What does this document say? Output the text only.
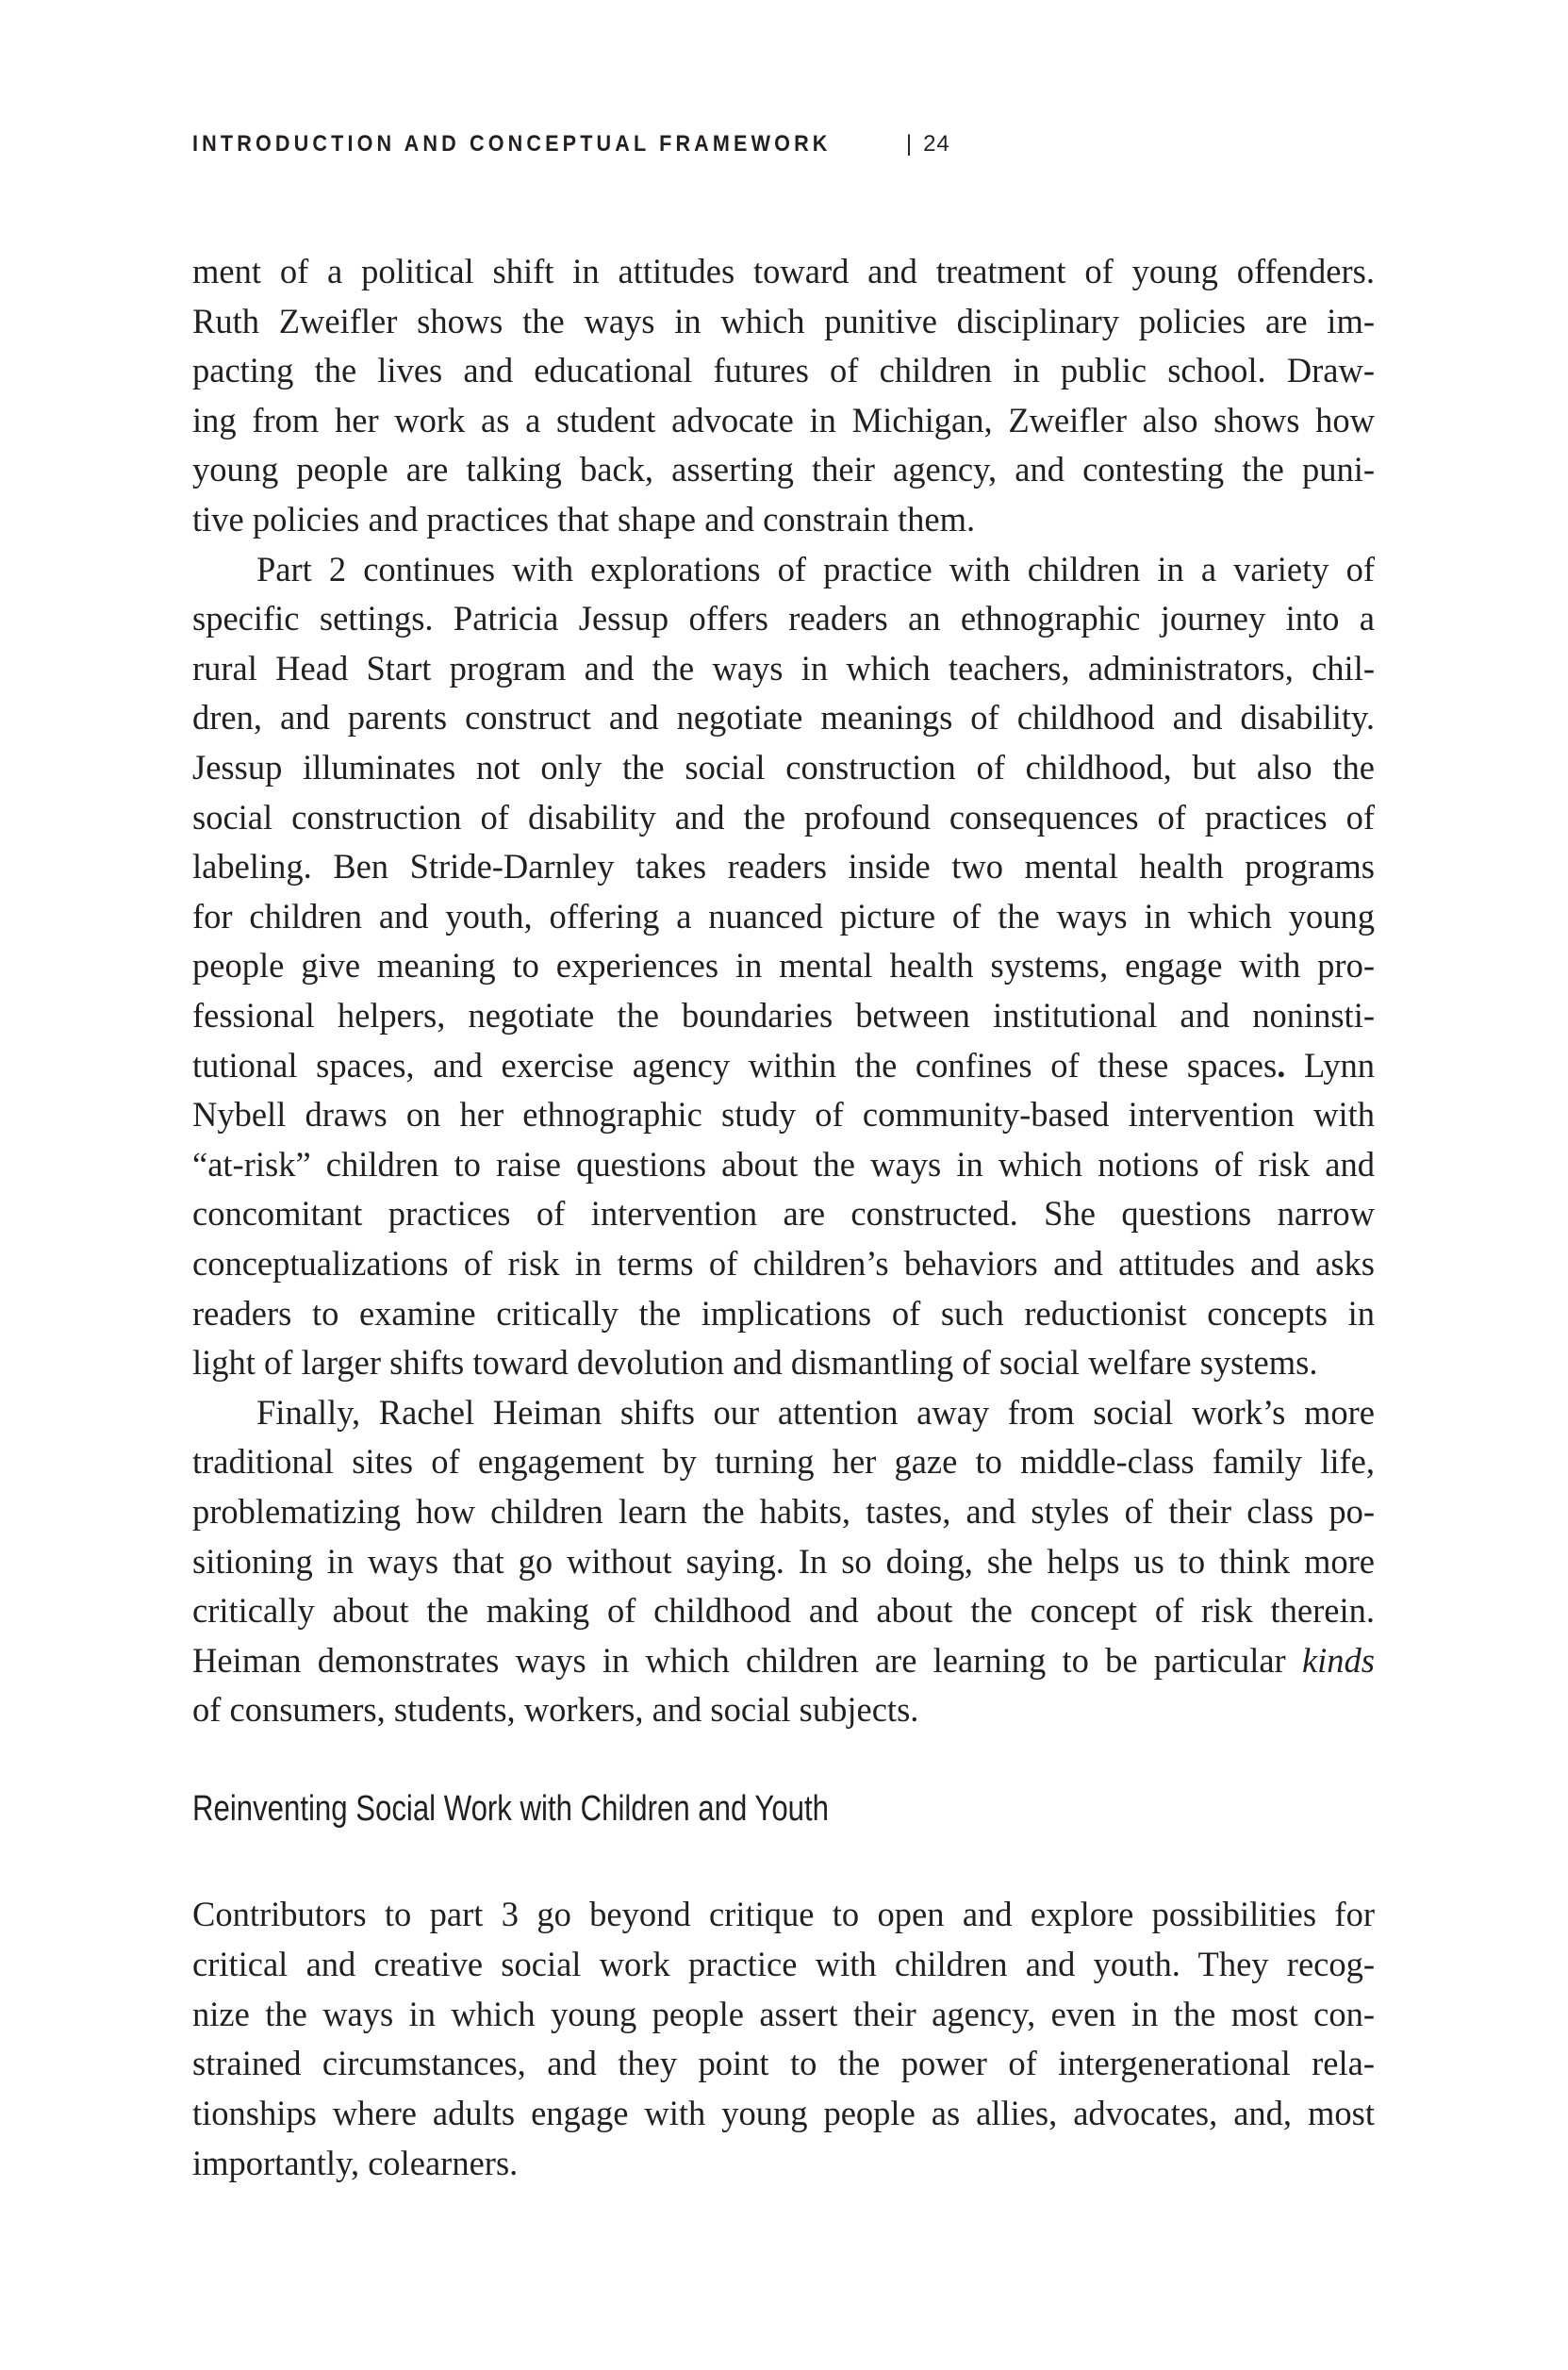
INTRODUCTION AND CONCEPTUAL FRAMEWORK	| 24
ment of a political shift in attitudes toward and treatment of young offenders.
Ruth Zweifler shows the ways in which punitive disciplinary policies are im-
pacting the lives and educational futures of children in public school. Draw-
ing from her work as a student advocate in Michigan, Zweifler also shows how
young people are talking back, asserting their agency, and contesting the puni-
tive policies and practices that shape and constrain them.
Part 2 continues with explorations of practice with children in a variety of
specific settings. Patricia Jessup offers readers an ethnographic journey into a
rural Head Start program and the ways in which teachers, administrators, chil-
dren, and parents construct and negotiate meanings of childhood and disability.
Jessup illuminates not only the social construction of childhood, but also the
social construction of disability and the profound consequences of practices of
labeling. Ben Stride-Darnley takes readers inside two mental health programs
for children and youth, offering a nuanced picture of the ways in which young
people give meaning to experiences in mental health systems, engage with pro-
fessional helpers, negotiate the boundaries between institutional and noninsti-
tutional spaces, and exercise agency within the confines of these spaces. Lynn
Nybell draws on her ethnographic study of community-based intervention with
“at-risk” children to raise questions about the ways in which notions of risk and
concomitant practices of intervention are constructed. She questions narrow
conceptualizations of risk in terms of children’s behaviors and attitudes and asks
readers to examine critically the implications of such reductionist concepts in
light of larger shifts toward devolution and dismantling of social welfare systems.
Finally, Rachel Heiman shifts our attention away from social work’s more
traditional sites of engagement by turning her gaze to middle-class family life,
problematizing how children learn the habits, tastes, and styles of their class po-
sitioning in ways that go without saying. In so doing, she helps us to think more
critically about the making of childhood and about the concept of risk therein.
Heiman demonstrates ways in which children are learning to be particular kinds
of consumers, students, workers, and social subjects.
Reinventing Social Work with Children and Youth
Contributors to part 3 go beyond critique to open and explore possibilities for
critical and creative social work practice with children and youth. They recog-
nize the ways in which young people assert their agency, even in the most con-
strained circumstances, and they point to the power of intergenerational rela-
tionships where adults engage with young people as allies, advocates, and, most
importantly, colearners.
